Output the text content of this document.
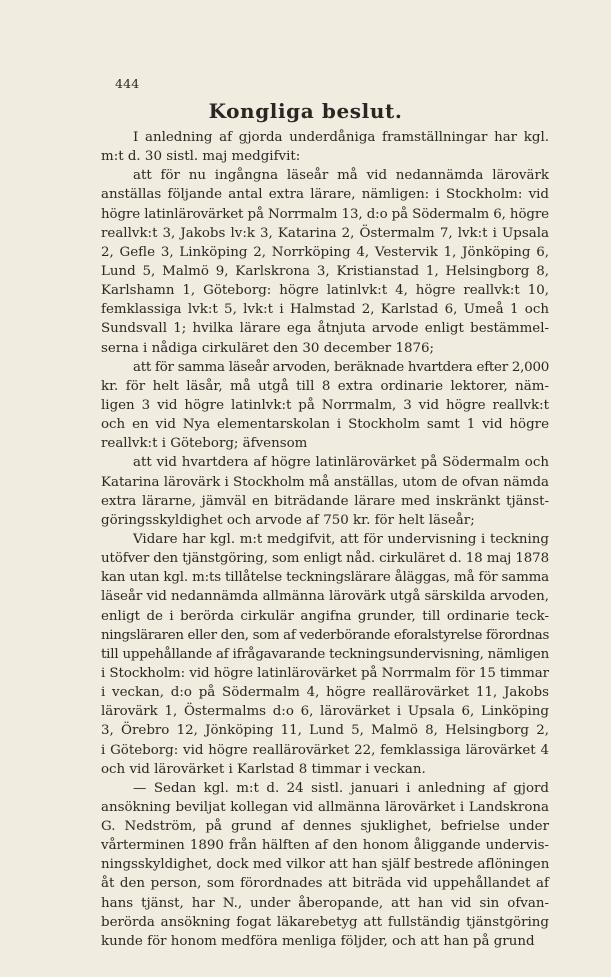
444
Kongliga beslut.
I anledning af gjorda underdåniga framställningar har kgl.
m:t d. 30 sistl. maj medgifvit:
att för nu ingångna läseår må vid nedannämda lärovärk
anställas följande antal extra lärare, nämligen: i Stockholm: vid
högre latinlärovärket på Norrmalm 13, d:o på Södermalm 6, högre
reallvk:t 3, Jakobs lv:k 3, Katarina 2, Östermalm 7, lvk:t i Upsala
2, Gefle 3, Linköping 2, Norrköping 4, Vestervik 1, Jönköping 6,
Lund 5, Malmö 9, Karlskrona 3, Kristianstad 1, Helsingborg 8,
Karlshamn 1, Göteborg: högre latinlvk:t 4, högre reallvk:t 10,
femklassiga lvk:t 5, lvk:t i Halmstad 2, Karlstad 6, Umeå 1 och
Sundsvall 1; hvilka lärare ega åtnjuta arvode enligt bestämmel-
serna i nådiga cirkuläret den 30 december 1876;
att för samma läseår arvoden, beräknade hvartdera efter 2,000
kr. för helt läsår, må utgå till 8 extra ordinarie lektorer, näm-
ligen 3 vid högre latinlvk:t på Norrmalm, 3 vid högre reallvk:t
och en vid Nya elementarskolan i Stockholm samt 1 vid högre
reallvk:t i Göteborg; äfvensom
att vid hvartdera af högre latinlärovärket på Södermalm och
Katarina lärovärk i Stockholm må anställas, utom de ofvan nämda
extra lärarne, jämväl en biträdande lärare med inskränkt tjänst-
göringsskyldighet och arvode af 750 kr. för helt läseår;
Vidare har kgl. m:t medgifvit, att för undervisning i teckning
utöfver den tjänstgöring, som enligt nåd. cirkuläret d. 18 maj 1878
kan utan kgl. m:ts tillåtelse teckningslärare åläggas, må för samma
läseår vid nedannämda allmänna lärovärk utgå särskilda arvoden,
enligt de i berörda cirkulär angifna grunder, till ordinarie teck-
ningsläraren eller den, som af vederbörande eforalstyrelse förordnas
till uppehållande af ifrågavarande teckningsundervisning, nämligen
i Stockholm: vid högre latinlärovärket på Norrmalm för 15 timmar
i veckan, d:o på Södermalm 4, högre reallärovärket 11, Jakobs
lärovärk 1, Östermalms d:o 6, lärovärket i Upsala 6, Linköping
3, Örebro 12, Jönköping 11, Lund 5, Malmö 8, Helsingborg 2,
i Göteborg: vid högre reallärovärket 22, femklassiga lärovärket 4
och vid lärovärket i Karlstad 8 timmar i veckan.
— Sedan kgl. m:t d. 24 sistl. januari i anledning af gjord
ansökning beviljat kollegan vid allmänna lärovärket i Landskrona
G. Nedström, på grund af dennes sjuklighet, befrielse under
vårterminen 1890 från hälften af den honom åliggande undervis-
ningsskyldighet, dock med vilkor att han själf bestrede aflöningen
åt den person, som förordnades att biträda vid uppehållandet af
hans tjänst, har N., under åberopande, att han vid sin ofvan-
berörda ansökning fogat läkarebetyg att fullständig tjänstgöring
kunde för honom medföra menliga följder, och att han på grund
